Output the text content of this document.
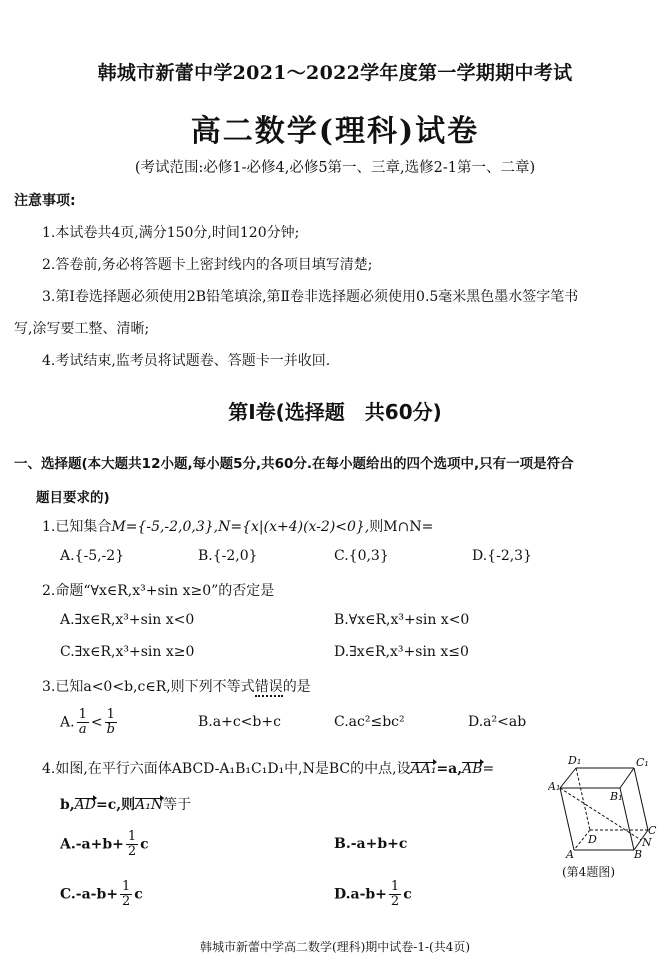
韩城市新蕾中学2021～2022学年度第一学期期中考试
高二数学(理科)试卷
(考试范围:必修1-必修4,必修5第一、三章,选修2-1第一、二章)
注意事项:
1.本试卷共4页,满分150分,时间120分钟;
2.答卷前,务必将答题卡上密封线内的各项目填写清楚;
3.第Ⅰ卷选择题必须使用2B铅笔填涂,第Ⅱ卷非选择题必须使用0.5毫米黑色墨水签字笔书
写,涂写要工整、清晰;
4.考试结束,监考员将试题卷、答题卡一并收回.
第Ⅰ卷(选择题　共60分)
一、选择题(本大题共12小题,每小题5分,共60分.在每小题给出的四个选项中,只有一项是符合
题目要求的)
1.已知集合M={-5,-2,0,3},N={x|(x+4)(x-2)<0},则M∩N=
A.{-5,-2}	B.{-2,0}	C.{0,3}	D.{-2,3}
2.命题“∀x∈R,x³+sin x≥0”的否定是
A.∃x∈R,x³+sin x<0	B.∀x∈R,x³+sin x<0
C.∃x∈R,x³+sin x≥0	D.∃x∈R,x³+sin x≤0
3.已知a<0<b,c∈R,则下列不等式错误的是
A. $\frac{1}{a} < \frac{1}{b}$	B.a+c<b+c	C.ac²≤bc²	D.a²<ab
4.如图,在平行六面体ABCD-A₁B₁C₁D₁中,N是BC的中点,设AA₁=a,AB=
b,AD=c,则A₁N等于
$A.-a+b+ \frac{1}{2}$ c	B.-a+b+c
$C.-a-b+ \frac{1}{2}$ c	$D.a-b+ \frac{1}{2}$ c
D₁	C₁
A₁
B₁
D
C
N
A	B
(第4题图)
韩城市新蕾中学高二数学(理科)期中试卷-1-(共4页)
